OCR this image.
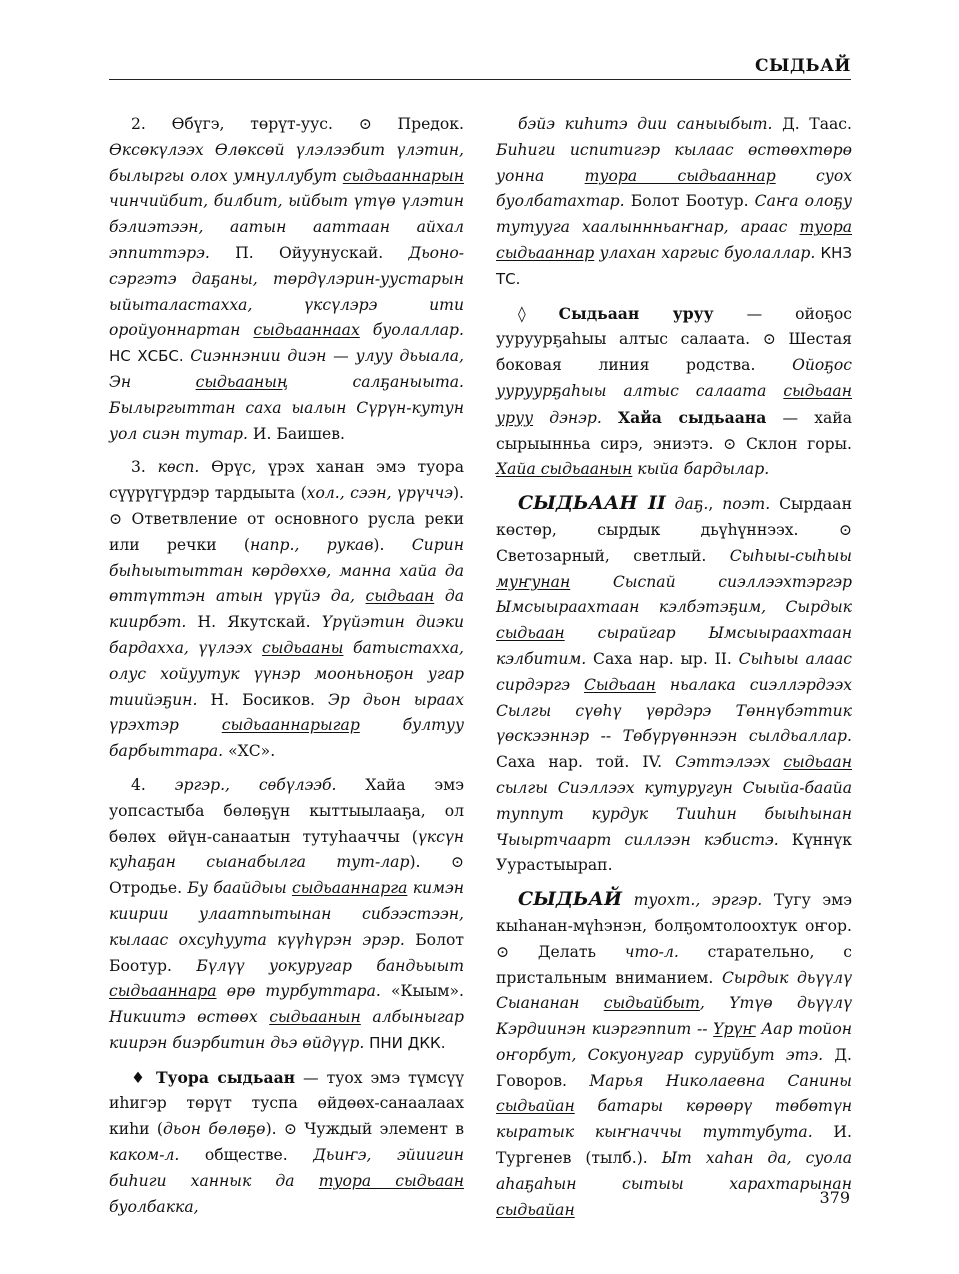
СЫДЬАЙ

2. Өбүгэ, төрүт-уус. ⊙ Предок. Өксөкүлээх Өлөксөй үлэлээбит үлэтин, былыргы олох умнуллубут сыдьааннарын чинчийбит, билбит, ыйбыт үтүө үлэтин бэлиэтээн, аатын ааттаан айхал эппиттэрэ. П. Ойуунускай. Дьоно-сэргэтэ даҕаны, төрдүлэрин-уустарын ыйыталастахха, үксүлэрэ ити оройуоннартан сыдьааннаах буолаллар. НС ХСБС. Сиэннэнии диэн — улуу дьыала, Эн сыдьааның салҕаныыта. Былыргыттан саха ыалын Сүрүн-кутун уол сиэн тутар. И. Баишев.

3. кѳсп. Өрүс, үрэх ханан эмэ туора сүүрүгүрдэр тардыыта (хол., сээн, үрүччэ). ⊙ Ответвление от основного русла реки или речки (напр., рукав). Сирин быһыытыттан көрдөххө, манна хайа да өттүттэн атын үрүйэ да, сыдьаан да киирбэт. Н. Якутскай. Үрүйэтин диэки бардахха, үүлээх сыдьааны батыстахха, олус хойуутук үүнэр мооньноҕон угар тиийэҕин. Н. Босиков. Эр дьон ыраах үрэхтэр сыдьааннарыгар бултуу барбыттара. «ХС».

4. эргэр., сѳбүлээб. Хайа эмэ уопсастыба бөлөҕүн кыттыылааҕа, ол бөлөх өйүн-санаатын тутуһааччы (үксүн куһаҕан сыанабылга тут-лар). ⊙ Отродье. Бу баайдыы сыдьааннарга кимэн киирии улаатпытынан сибээстээн, кылаас охсуһуута күүһүрэн эрэр. Болот Боотур. Бүлүү уокуругар бандьыыт сыдьааннара өрө турбуттара. «Кыым». Никиитэ өстөөх сыдьаанын албыныгар киирэн биэрбитин дьэ өйдүүр. ПНИ ДКК.

♦ Туора сыдьаан — туох эмэ түмсүү иһигэр төрүт туспа өйдөөх-санаалаах киһи (дьон бөлөҕө). ⊙ Чуждый элемент в каком-л. обществе. Дьиҥэ, эйиигин биһиги ханнык да туора сыдьаан буолбакка,

бэйэ киһитэ дии саныыбыт. Д. Таас. Биһиги испитигэр кылаас өстөөхтөрө уонна туора сыдьааннар суох буолбатахтар. Болот Боотур. Саҥа олоҕу тутууга хаалыннньаҥнар, араас туора сыдьааннар улахан харгыс буолаллар. КНЗ ТС.

◊ Сыдьаан уруу — ойоҕос ууруурҕаһыы алтыс салаата. ⊙ Шестая боковая линия родства. Ойоҕос ууруурҕаһыы алтыс салаата сыдьаан уруу дэнэр. Хайа сыдьаана — хайа сырыынньа сирэ, эниэтэ. ⊙ Склон горы. Хайа сыдьаанын кыйа бардылар.

СЫДЬААН II даҕ., поэт. Сырдаан көстөр, сырдык дьүһүннээх. ⊙ Светозарный, светлый. Сыһыы-сыһыы муҥунан Сыспай сиэллээхтэргэр Ымсыыраахтаан кэлбэтэҕим, Сырдык сыдьаан сырайгар Ымсыыраахтаан кэлбитим. Саха нар. ыр. II. Сыһыы алаас сирдэргэ Сыдьаан ньалака сиэллэрдээх Сылгы сүөһү үөрдэрэ Төннүбэттик үөскээннэр -- Төбүрүөннээн сылдьаллар. Саха нар. той. IV. Сэттэлээх сыдьаан сылгы Сиэллээх кутуругун Сыыйа-баайа туппут курдук Тииһин быыһынан Чыыртчаарт силлээн кэбистэ. Күннүк Уурастыырап.

СЫДЬАЙ туохт., эргэр. Тугу эмэ кыһанан-мүһэнэн, болҕомтолоохтук оҥор. ⊙ Делать что-л. старательно, с пристальным вниманием. Сырдык дьүүлү Сыананан сыдьайбыт, Үтүө дьүүлү Кэрдиинэн киэргэппит -- Үрүҥ Аар тойон оҥорбут, Сокуонугар суруйбут этэ. Д. Говоров. Марья Николаевна Санины сыдьайан батары көрөөрү төбөтүн кыратык кыҥначчы туттубута. И. Тургенев (тылб.). Ыт хаһан да, суола аһаҕаһын сытыы харахтарынан сыдьайан

379
